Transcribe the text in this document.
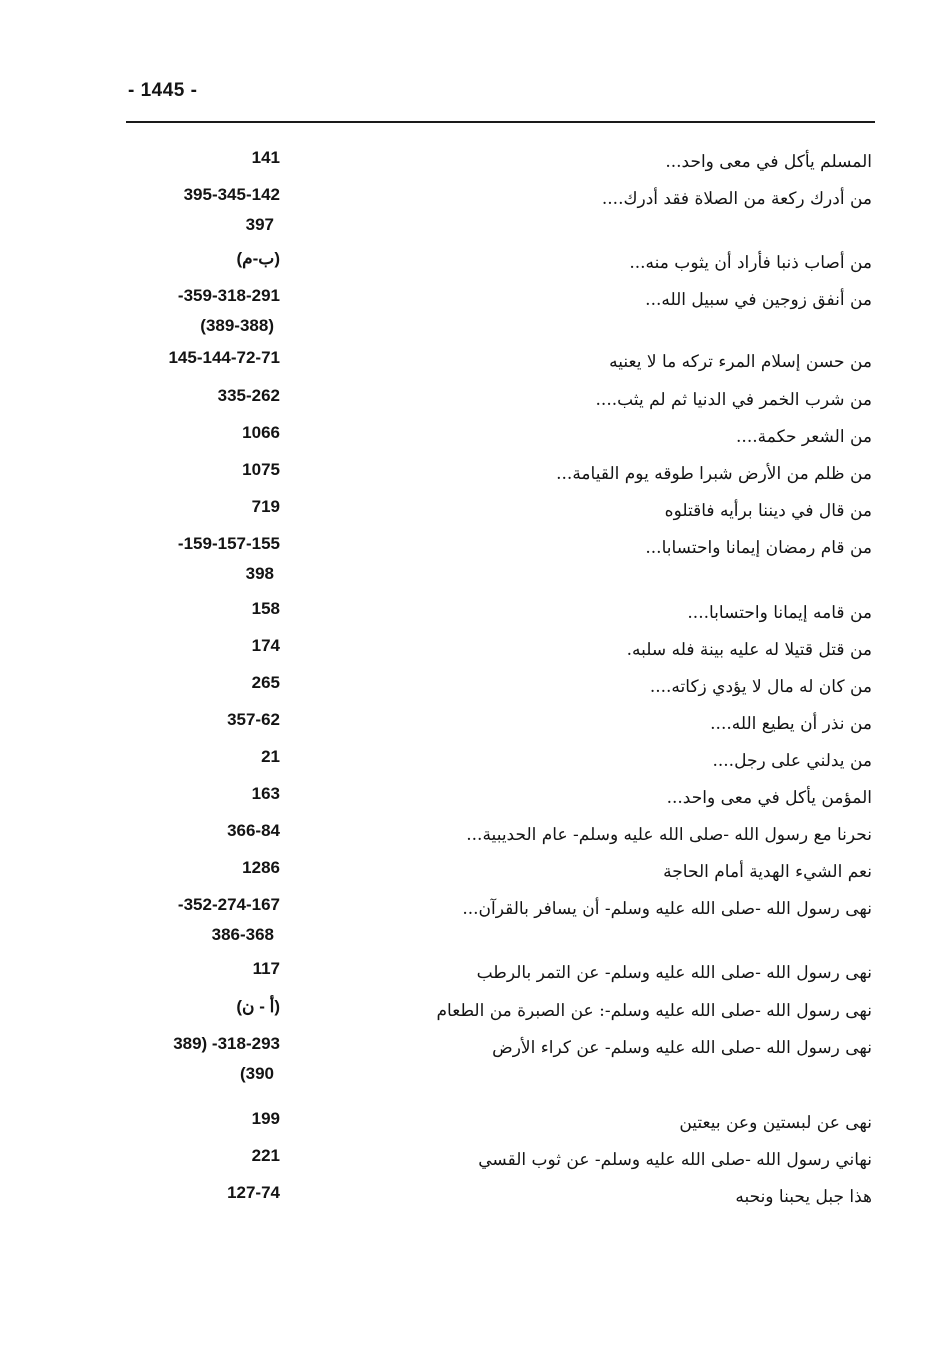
- 1445 -
المسلم يأكل في معى واحد...
141
من أدرك ركعة من الصلاة فقد أدرك....
395-345-142
397
من أصاب ذنبا فأراد أن يثوب منه...
(ب-م)
من أنفق زوجين في سبيل الله...
-359-318-291
(389-388)
من حسن إسلام المرء تركه ما لا يعنيه
145-144-72-71
من شرب الخمر في الدنيا ثم لم يثب....
335-262
من الشعر حكمة....
1066
من ظلم من الأرض شبرا طوقه يوم القيامة...
1075
من قال في ديننا برأيه فاقتلوه
719
من قام رمضان إيمانا واحتسابا...
-159-157-155
398
من قامه إيمانا واحتسابا....
158
من قتل قتيلا له عليه بينة فله سلبه.
174
من كان له مال لا يؤدي زكاته....
265
من نذر أن يطيع الله....
357-62
من يدلني على رجل....
21
المؤمن يأكل في معى واحد...
163
نحرنا مع رسول الله -صلى الله عليه وسلم- عام الحديبية...
366-84
نعم الشيء الهدية أمام الحاجة
1286
نهى رسول الله -صلى الله عليه وسلم- أن يسافر بالقرآن...
-352-274-167
386-368
نهى رسول الله -صلى الله عليه وسلم- عن التمر بالرطب
117
نهى رسول الله -صلى الله عليه وسلم-: عن الصبرة من الطعام
(أ - ن)
نهى رسول الله -صلى الله عليه وسلم- عن كراء الأرض
389) -318-293
(390
نهى عن لبستين وعن بيعتين
199
نهاني رسول الله -صلى الله عليه وسلم- عن ثوب القسي
221
هذا جبل يحبنا ونحبه
127-74
